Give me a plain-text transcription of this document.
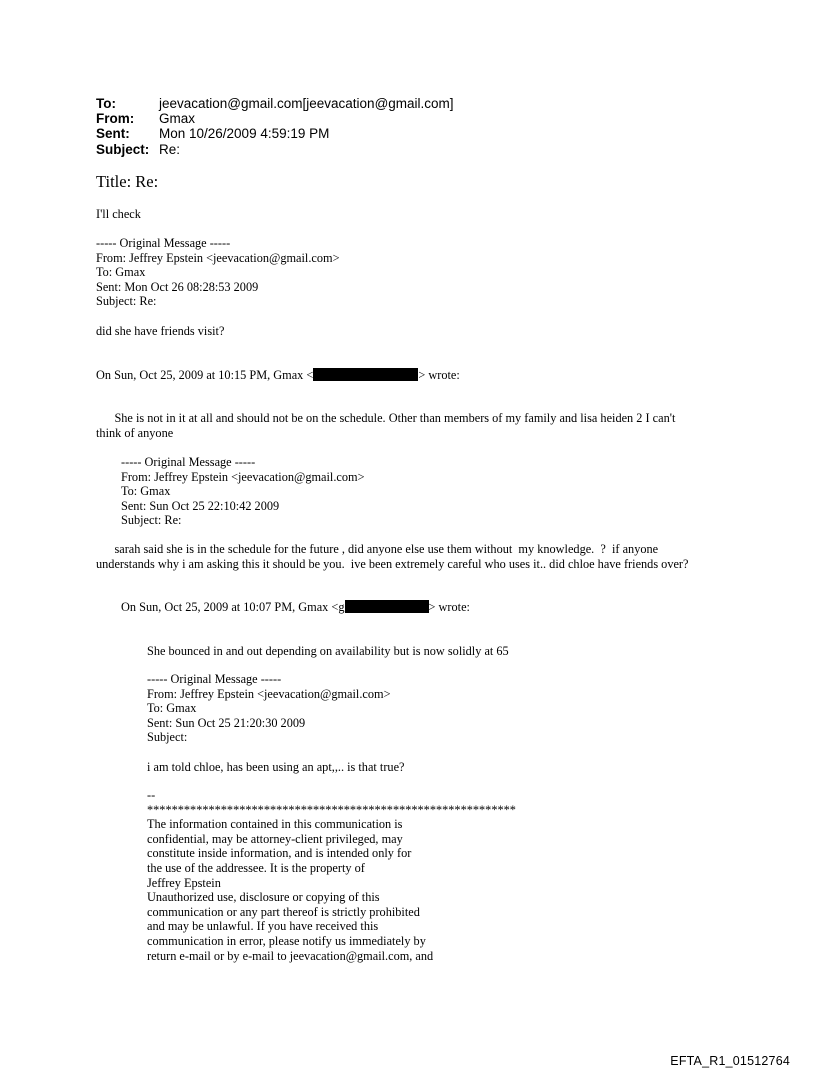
To:	jeevacation@gmail.com[jeevacation@gmail.com]
From:	Gmax
Sent:	Mon 10/26/2009 4:59:19 PM
Subject: Re:
Title: Re:
I'll check
----- Original Message -----
From: Jeffrey Epstein <jeevacation@gmail.com>
To: Gmax
Sent: Mon Oct 26 08:28:53 2009
Subject: Re:
did she have friends visit?
On Sun, Oct 25, 2009 at 10:15 PM, Gmax <	> wrote:
She is not in it at all and should not be on the schedule. Other than members of my family and lisa heiden 2 I can't
think of anyone
----- Original Message -----
From: Jeffrey Epstein <jeevacation@gmail.com>
To: Gmax
Sent: Sun Oct 25 22:10:42 2009
Subject: Re:
sarah said she is in the schedule for the future , did anyone else use them without  my knowledge.  ?  if anyone
understands why i am asking this it should be you.  ive been extremely careful who uses it.. did chloe have friends over?
On Sun, Oct 25, 2009 at 10:07 PM, Gmax <g	> wrote:
She bounced in and out depending on availability but is now solidly at 65
----- Original Message -----
From: Jeffrey Epstein <jeevacation@gmail.com>
To: Gmax
Sent: Sun Oct 25 21:20:30 2009
Subject:
i am told chloe, has been using an apt,,.. is that true?
--
************************************************************
The information contained in this communication is
confidential, may be attorney-client privileged, may
constitute inside information, and is intended only for
the use of the addressee. It is the property of
Jeffrey Epstein
Unauthorized use, disclosure or copying of this
communication or any part thereof is strictly prohibited
and may be unlawful. If you have received this
communication in error, please notify us immediately by
return e-mail or by e-mail to jeevacation@gmail.com, and
EFTA_R1_01512764
